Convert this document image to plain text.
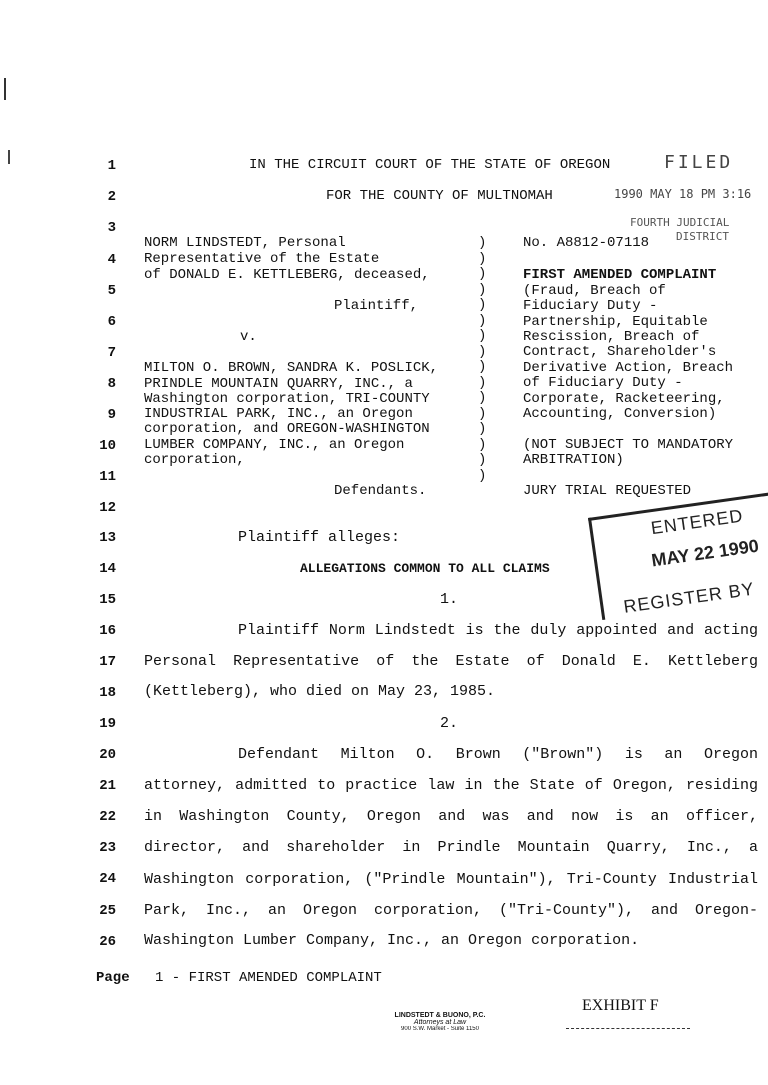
1
2
3
4
5
6
7
8
9
10
11
12
13
14
15
16
17
18
19
20
21
22
23
24
25
26
IN THE CIRCUIT COURT OF THE STATE OF OREGON
FOR THE COUNTY OF MULTNOMAH
FILED
1990 MAY 18 PM 3:16
FOURTH JUDICIAL
DISTRICT
NORM LINDSTEDT, Personal
Representative of the Estate
of DONALD E. KETTLEBERG, deceased,
Plaintiff,
v.
MILTON O. BROWN, SANDRA K. POSLICK,
PRINDLE MOUNTAIN QUARRY, INC., a
Washington corporation, TRI-COUNTY
INDUSTRIAL PARK, INC., an Oregon
corporation, and OREGON-WASHINGTON
LUMBER COMPANY, INC., an Oregon
corporation,
Defendants.
)
)
)
)
)
)
)
)
)
)
)
)
)
)
)
)
No. A8812-07118
FIRST AMENDED COMPLAINT
(Fraud, Breach of
Fiduciary Duty -
Partnership, Equitable
Rescission, Breach of
Contract, Shareholder's
Derivative Action, Breach
of Fiduciary Duty -
Corporate, Racketeering,
Accounting, Conversion)
(NOT SUBJECT TO MANDATORY
ARBITRATION)
JURY TRIAL REQUESTED
Plaintiff alleges:
ALLEGATIONS COMMON TO ALL CLAIMS
1.
Plaintiff Norm Lindstedt is the duly appointed and acting
Personal Representative of the Estate of Donald E. Kettleberg
(Kettleberg), who died on May 23, 1985.
2.
Defendant Milton O. Brown ("Brown") is an Oregon
attorney, admitted to practice law in the State of Oregon, residing
in Washington County, Oregon and was and now is an officer,
director, and shareholder in Prindle Mountain Quarry, Inc., a
Washington corporation, ("Prindle Mountain"), Tri-County Industrial
Park, Inc., an Oregon corporation, ("Tri-County"), and Oregon-
Washington Lumber Company, Inc., an Oregon corporation.
ENTERED
MAY 22 1990
REGISTER BY
Page 1 - FIRST AMENDED COMPLAINT
LINDSTEDT & BUONO, P.C.
Attorneys at Law
900 S.W. Market - Suite 1150
EXHIBIT F
